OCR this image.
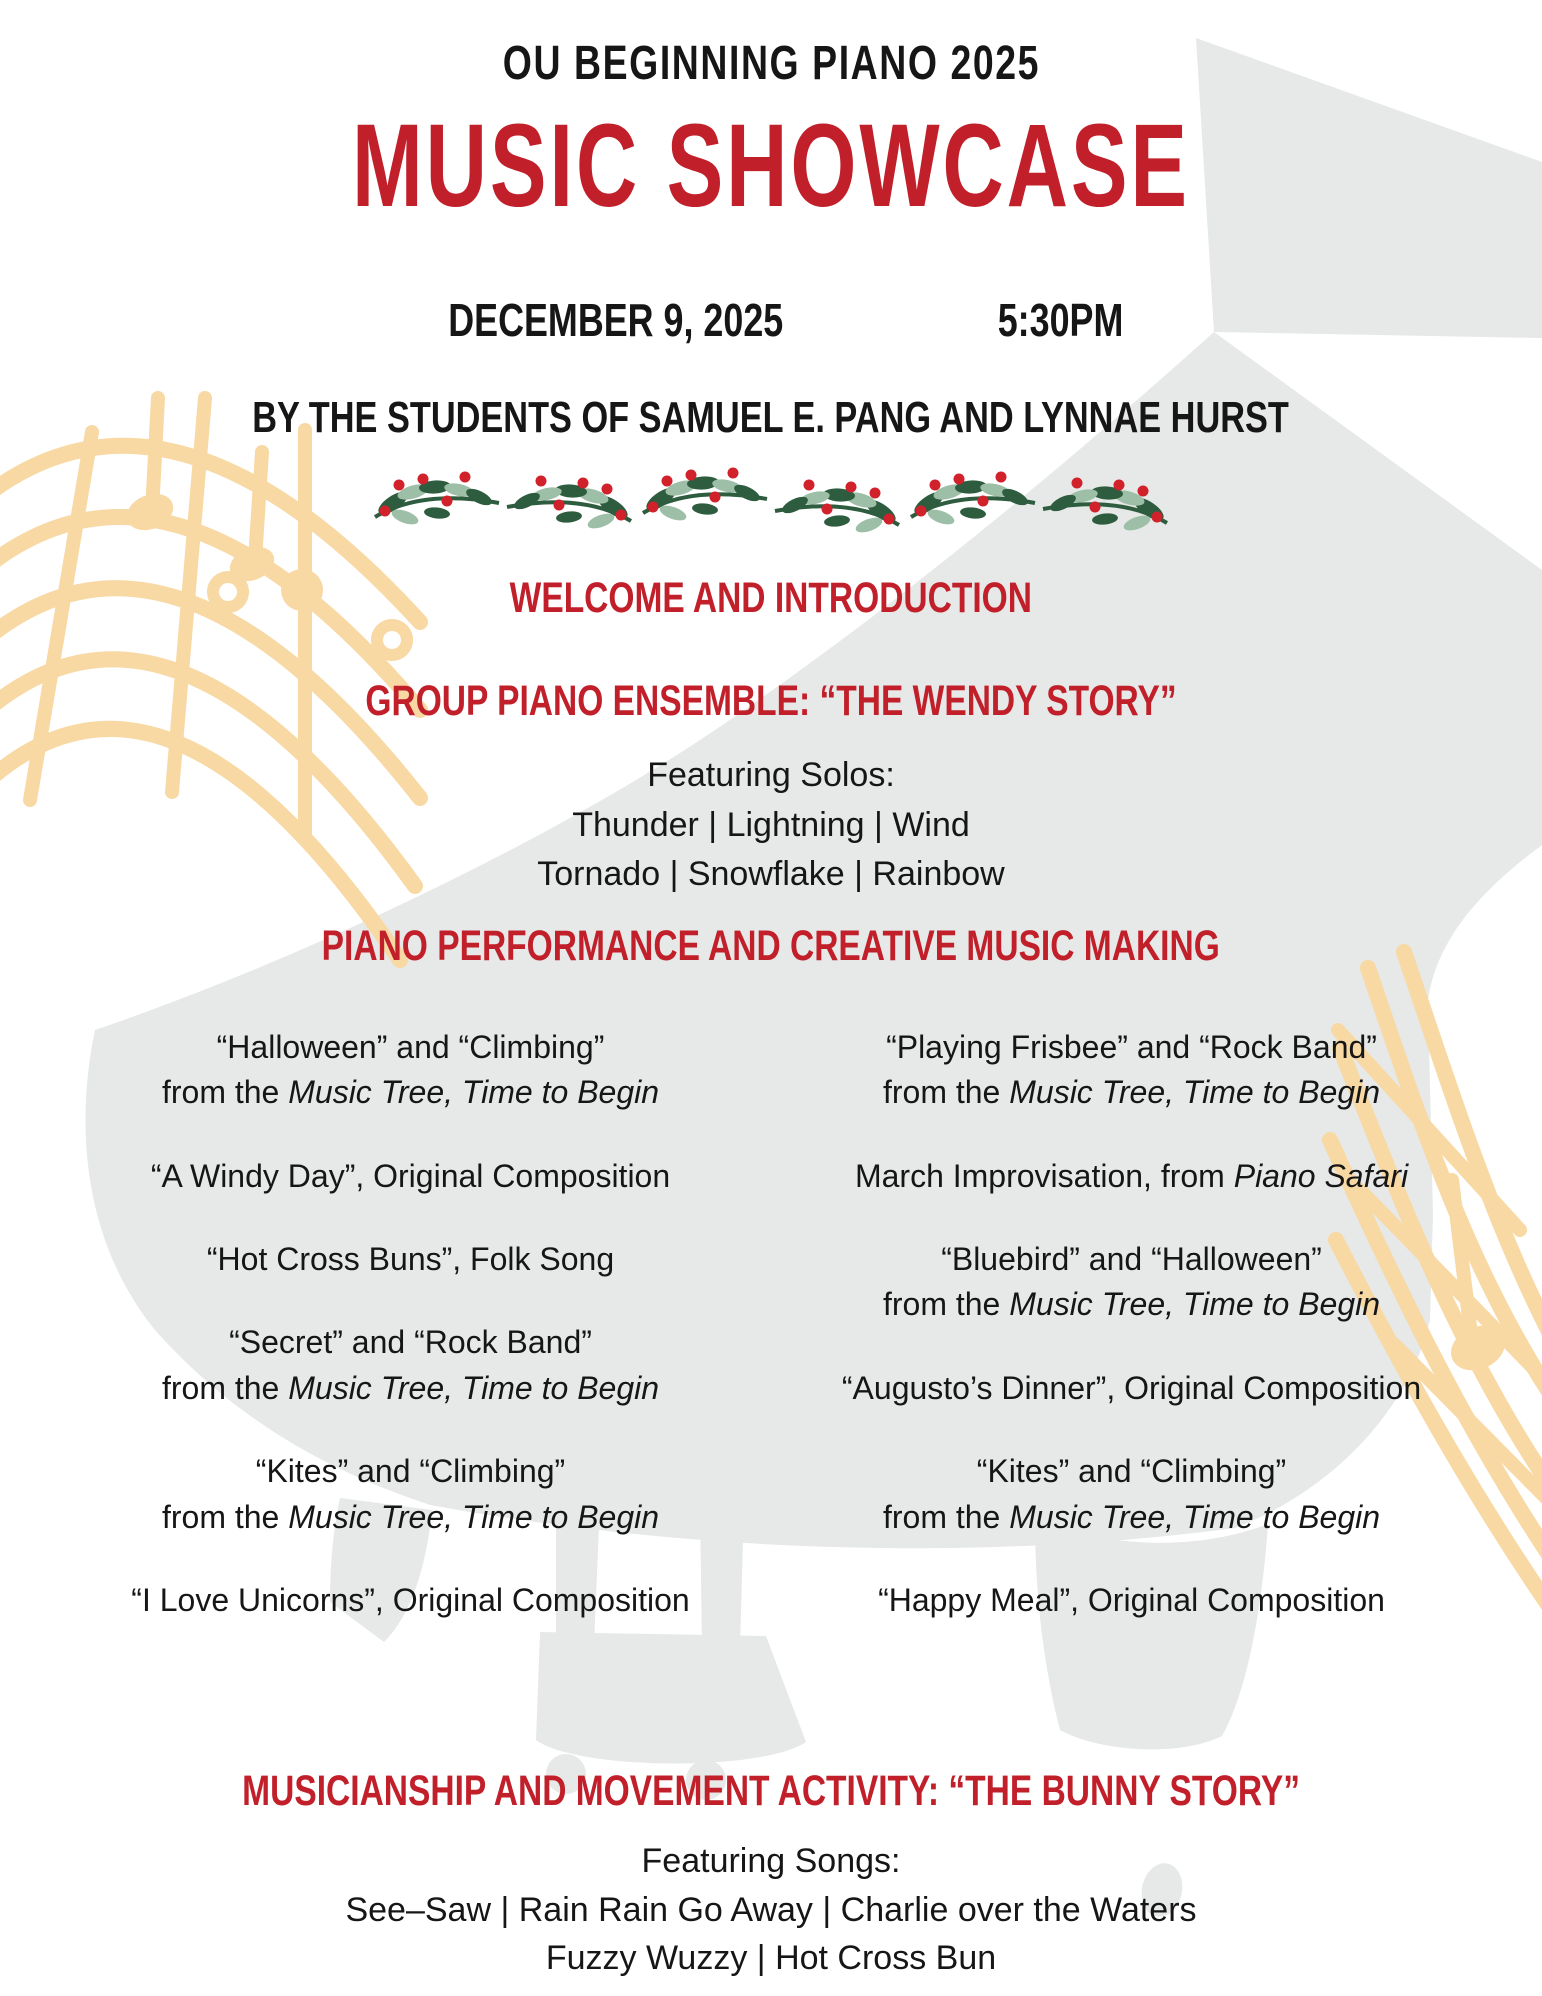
OU BEGINNING PIANO 2025
MUSIC SHOWCASE
DECEMBER 9, 2025	5:30PM
BY THE STUDENTS OF SAMUEL E. PANG AND LYNNAE HURST
WELCOME AND INTRODUCTION
GROUP PIANO ENSEMBLE: “THE WENDY STORY”
Featuring Solos:
Thunder | Lightning | Wind
Tornado | Snowflake | Rainbow
PIANO PERFORMANCE AND CREATIVE MUSIC MAKING
“Halloween” and “Climbing”
from the Music Tree, Time to Begin
“A Windy Day”, Original Composition
“Hot Cross Buns”, Folk Song
“Secret” and “Rock Band”
from the Music Tree, Time to Begin
“Kites” and “Climbing”
from the Music Tree, Time to Begin
“I Love Unicorns”, Original Composition
“Playing Frisbee” and “Rock Band”
from the Music Tree, Time to Begin
March Improvisation, from Piano Safari
“Bluebird” and “Halloween”
from the Music Tree, Time to Begin
“Augusto’s Dinner”, Original Composition
“Kites” and “Climbing”
from the Music Tree, Time to Begin
“Happy Meal”, Original Composition
MUSICIANSHIP AND MOVEMENT ACTIVITY: “THE BUNNY STORY”
Featuring Songs:
See–Saw | Rain Rain Go Away | Charlie over the Waters
Fuzzy Wuzzy | Hot Cross Bun
